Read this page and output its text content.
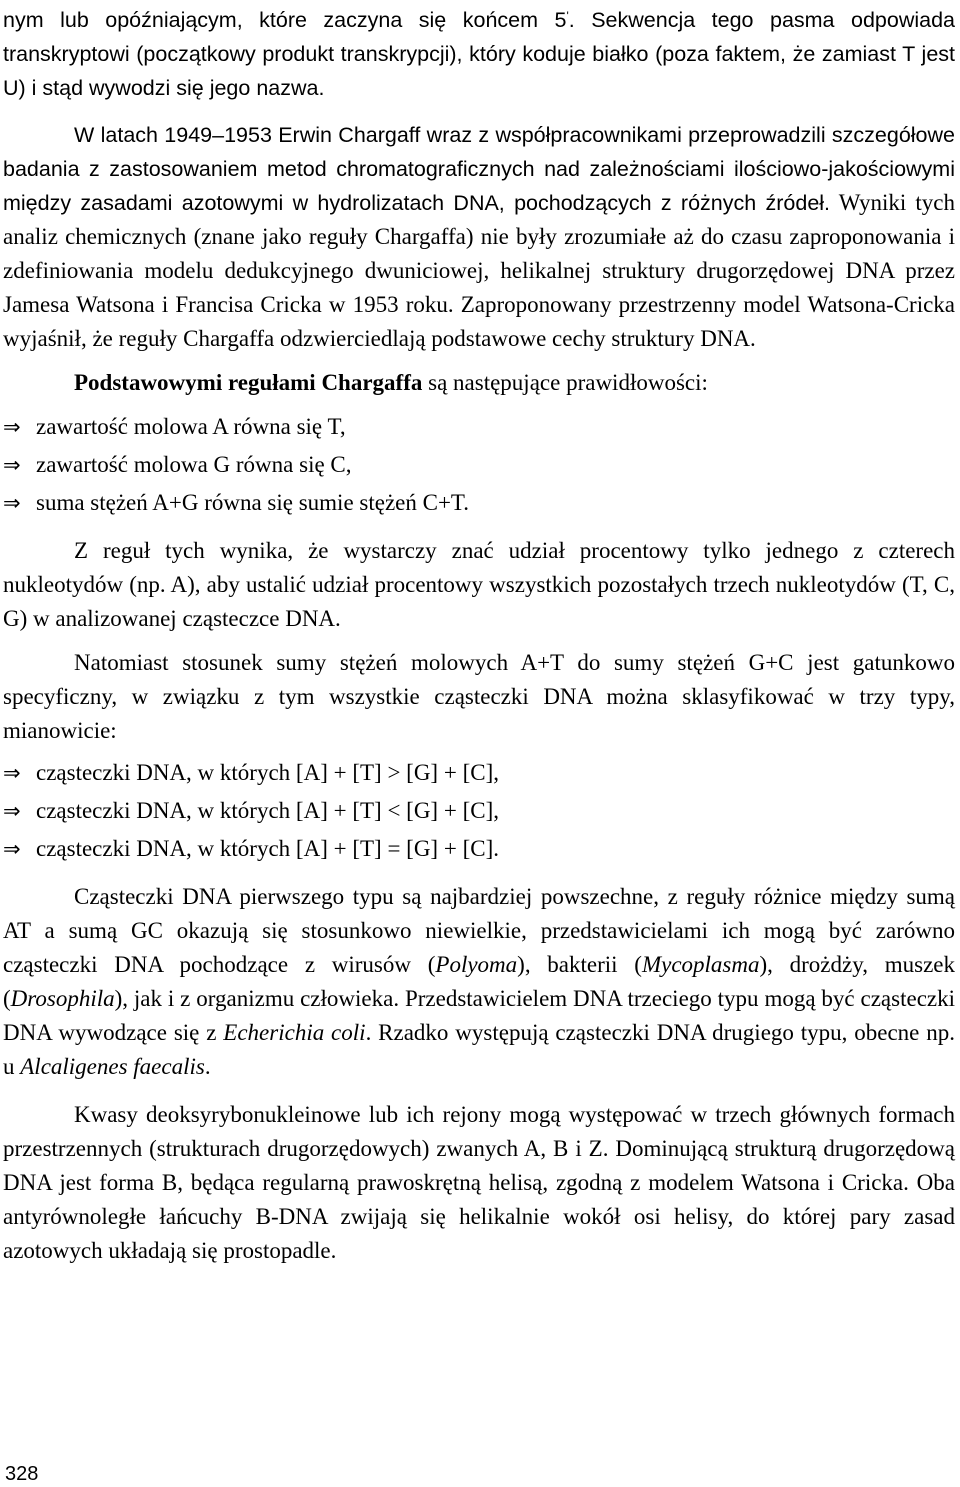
nym lub opóźniającym, które zaczyna się końcem 5'. Sekwencja tego pasma odpowiada transkryptowi (początkowy produkt transkrypcji), który koduje białko (poza faktem, że zamiast T jest U) i stąd wywodzi się jego nazwa.

W latach 1949–1953 Erwin Chargaff wraz z współpracownikami przeprowadzili szczegółowe badania z zastosowaniem metod chromatograficznych nad zależnościami ilościowo-jakościowymi między zasadami azotowymi w hydrolizatach DNA, pochodzących z różnych źródeł. Wyniki tych analiz chemicznych (znane jako reguły Chargaffa) nie były zrozumiałe aż do czasu zaproponowania i zdefiniowania modelu dedukcyjnego dwuniciowej, helikalnej struktury drugorzędowej DNA przez Jamesa Watsona i Francisa Cricka w 1953 roku. Zaproponowany przestrzenny model Watsona-Cricka wyjaśnił, że reguły Chargaffa odzwierciedlają podstawowe cechy struktury DNA.

Podstawowymi regułami Chargaffa są następujące prawidłowości:

⇒ zawartość molowa A równa się T,
⇒ zawartość molowa G równa się C,
⇒ suma stężeń A+G równa się sumie stężeń C+T.

Z reguł tych wynika, że wystarczy znać udział procentowy tylko jednego z czterech nukleotydów (np. A), aby ustalić udział procentowy wszystkich pozostałych trzech nukleotydów (T, C, G) w analizowanej cząsteczce DNA.

Natomiast stosunek sumy stężeń molowych A+T do sumy stężeń G+C jest gatunkowo specyficzny, w związku z tym wszystkie cząsteczki DNA można sklasyfikować w trzy typy, mianowicie:

⇒ cząsteczki DNA, w których [A] + [T] > [G] + [C],
⇒ cząsteczki DNA, w których [A] + [T] < [G] + [C],
⇒ cząsteczki DNA, w których [A] + [T] = [G] + [C].

Cząsteczki DNA pierwszego typu są najbardziej powszechne, z reguły różnice między sumą AT a sumą GC okazują się stosunkowo niewielkie, przedstawicielami ich mogą być zarówno cząsteczki DNA pochodzące z wirusów (Polyoma), bakterii (Mycoplasma), drożdży, muszek (Drosophila), jak i z organizmu człowieka. Przedstawicielem DNA trzeciego typu mogą być cząsteczki DNA wywodzące się z Echerichia coli. Rzadko występują cząsteczki DNA drugiego typu, obecne np. u Alcaligenes faecalis.

Kwasy deoksyrybonukleinowe lub ich rejony mogą występować w trzech głównych formach przestrzennych (strukturach drugorzędowych) zwanych A, B i Z. Dominującą strukturą drugorzędową DNA jest forma B, będąca regularną prawoskrętną helisą, zgodną z modelem Watsona i Cricka. Oba antyrównoległe łańcuchy B-DNA zwijają się helikalnie wokół osi helisy, do której pary zasad azotowych układają się prostopadle.

328
